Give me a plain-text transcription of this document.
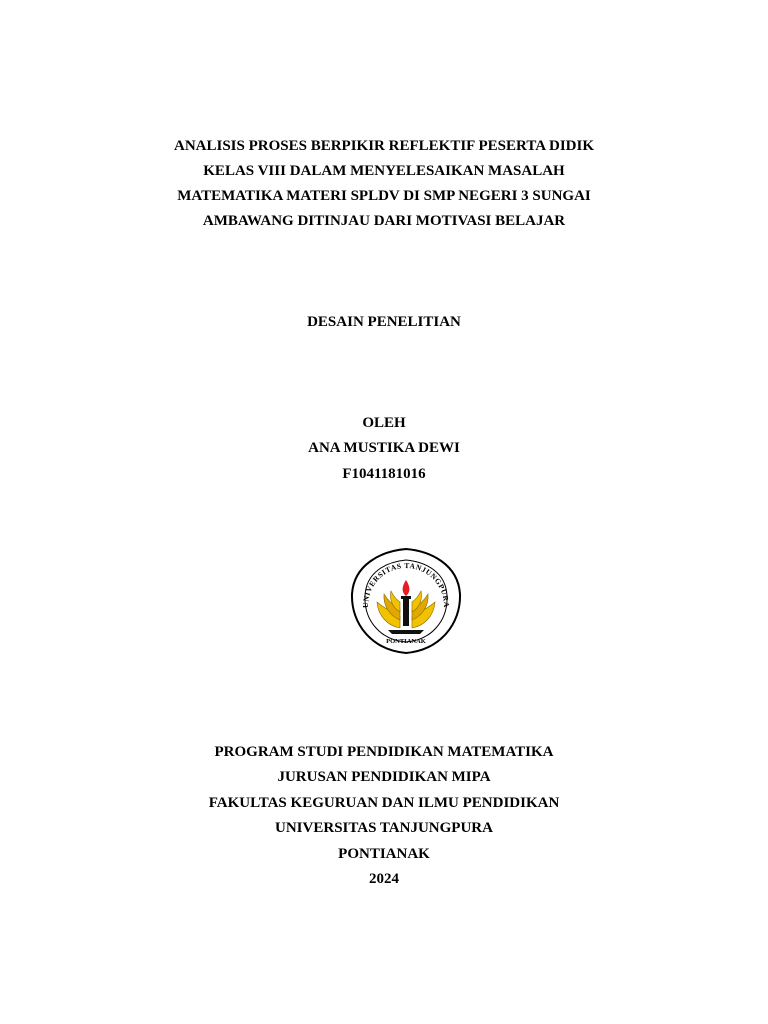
ANALISIS PROSES BERPIKIR REFLEKTIF PESERTA DIDIK
KELAS VIII DALAM MENYELESAIKAN MASALAH
MATEMATIKA MATERI SPLDV DI SMP NEGERI 3 SUNGAI
AMBAWANG DITINJAU DARI MOTIVASI BELAJAR
DESAIN PENELITIAN
OLEH
ANA MUSTIKA DEWI
F1041181016
UNIVERSITAS TANJUNGPURA
PONTIANAK
PROGRAM STUDI PENDIDIKAN MATEMATIKA
JURUSAN PENDIDIKAN MIPA
FAKULTAS KEGURUAN DAN ILMU PENDIDIKAN
UNIVERSITAS TANJUNGPURA
PONTIANAK
2024
